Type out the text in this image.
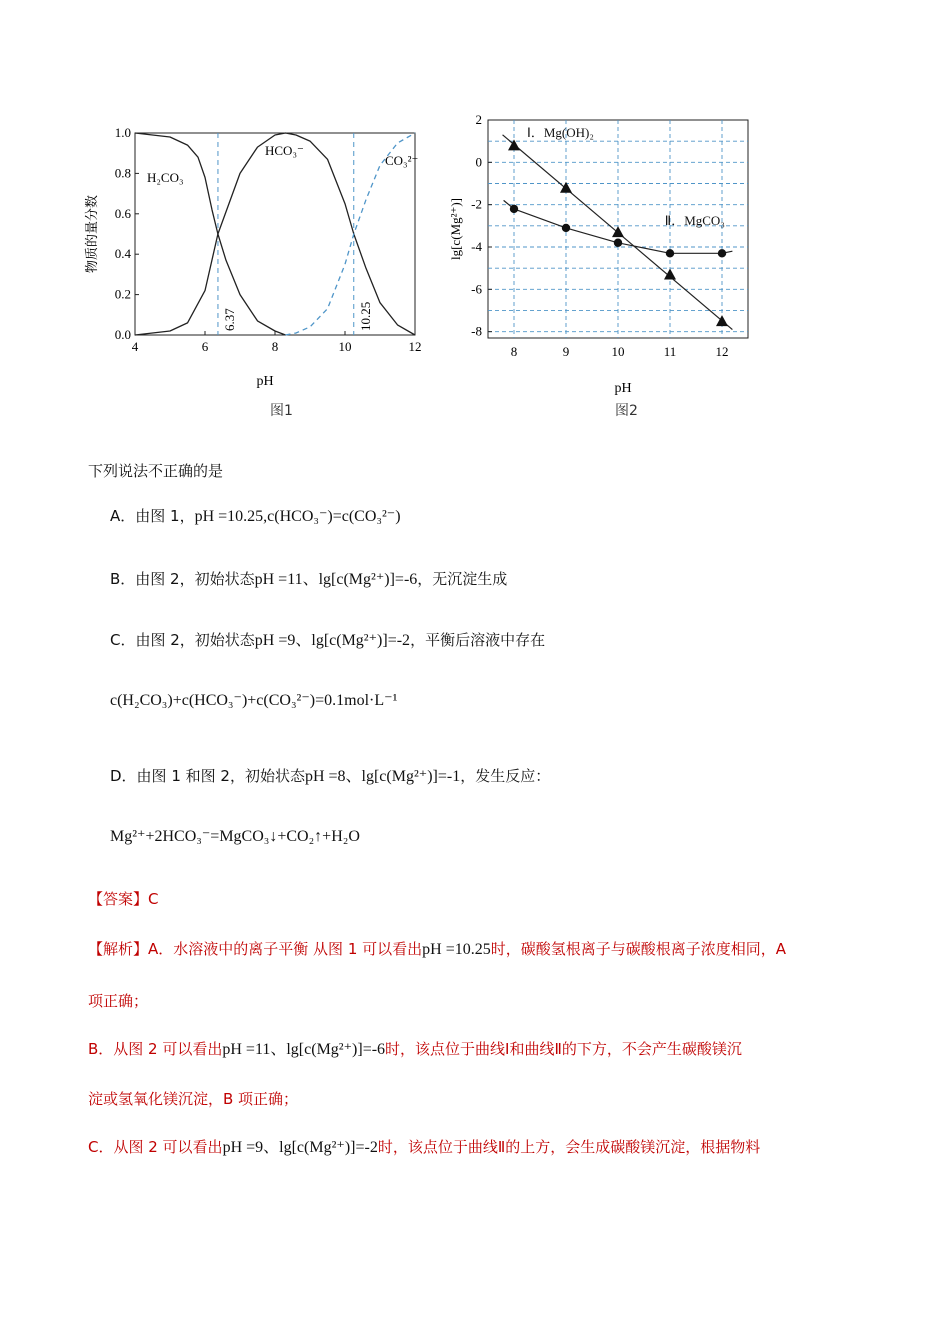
4	6	8	10	12
0.0
0.2
0.4
0.6
0.8
1.0
pH
物质的量分数
6.37	10.25
H₂CO₃
HCO₃⁻
CO₃²⁻
图1
8	9	10	11	12
2
0
-2
-4
-6
-8
pH
lg[c(Mg²⁺)]
Ⅰ．Mg(OH)₂
Ⅱ．MgCO₃
图2
下列说法不正确的是
A．由图 1，pH =10.25,c(HCO₃⁻)=c(CO₃²⁻)
B．由图 2，初始状态pH =11、lg[c(Mg²⁺)]=-6，无沉淀生成
C．由图 2，初始状态pH =9、lg[c(Mg²⁺)]=-2，平衡后溶液中存在
c(H₂CO₃)+c(HCO₃⁻)+c(CO₃²⁻)=0.1mol·L⁻¹
D．由图 1 和图 2，初始状态pH =8、lg[c(Mg²⁺)]=-1，发生反应：
Mg²⁺+2HCO₃⁻=MgCO₃↓+CO₂↑+H₂O
【答案】C
【解析】A．水溶液中的离子平衡 从图 1 可以看出pH =10.25时，碳酸氢根离子与碳酸根离子浓度相同，A
项正确；
B．从图 2 可以看出pH =11、lg[c(Mg²⁺)]=-6时，该点位于曲线Ⅰ和曲线Ⅱ的下方，不会产生碳酸镁沉
淀或氢氧化镁沉淀，B 项正确；
C．从图 2 可以看出pH =9、lg[c(Mg²⁺)]=-2时，该点位于曲线Ⅱ的上方，会生成碳酸镁沉淀，根据物料
